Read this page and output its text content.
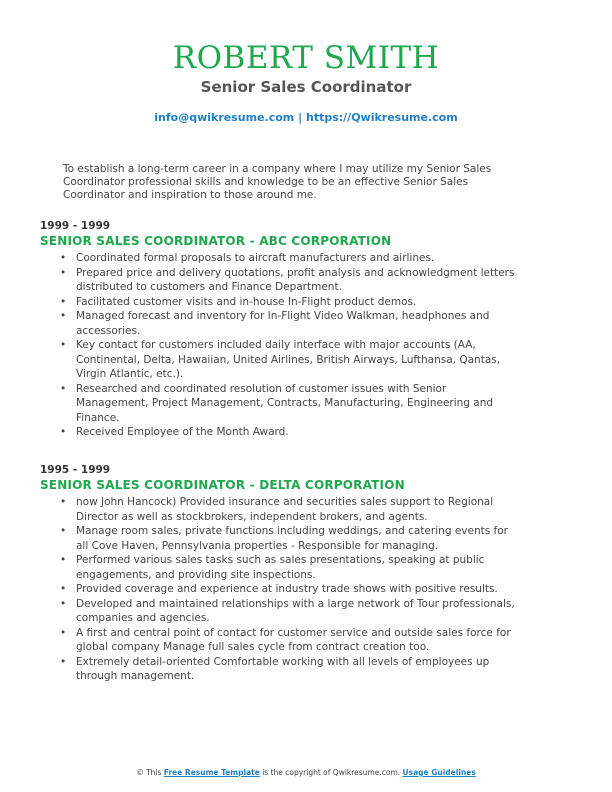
ROBERT SMITH
Senior Sales Coordinator
info@qwikresume.com | https://Qwikresume.com
To establish a long-term career in a company where I may utilize my Senior Sales Coordinator professional skills and knowledge to be an effective Senior Sales Coordinator and inspiration to those around me.
1999 - 1999
SENIOR SALES COORDINATOR - ABC CORPORATION
• Coordinated formal proposals to aircraft manufacturers and airlines.
• Prepared price and delivery quotations, profit analysis and acknowledgment letters distributed to customers and Finance Department.
• Facilitated customer visits and in-house In-Flight product demos.
• Managed forecast and inventory for In-Flight Video Walkman, headphones and accessories.
• Key contact for customers included daily interface with major accounts (AA, Continental, Delta, Hawaiian, United Airlines, British Airways, Lufthansa, Qantas, Virgin Atlantic, etc.).
• Researched and coordinated resolution of customer issues with Senior Management, Project Management, Contracts, Manufacturing, Engineering and Finance.
• Received Employee of the Month Award.
1995 - 1999
SENIOR SALES COORDINATOR - DELTA CORPORATION
• now John Hancock) Provided insurance and securities sales support to Regional Director as well as stockbrokers, independent brokers, and agents.
• Manage room sales, private functions including weddings, and catering events for all Cove Haven, Pennsylvania properties - Responsible for managing.
• Performed various sales tasks such as sales presentations, speaking at public engagements, and providing site inspections.
• Provided coverage and experience at industry trade shows with positive results.
• Developed and maintained relationships with a large network of Tour professionals, companies and agencies.
• A first and central point of contact for customer service and outside sales force for global company Manage full sales cycle from contract creation too.
• Extremely detail-oriented Comfortable working with all levels of employees up through management.
© This Free Resume Template is the copyright of Qwikresume.com. Usage Guidelines
